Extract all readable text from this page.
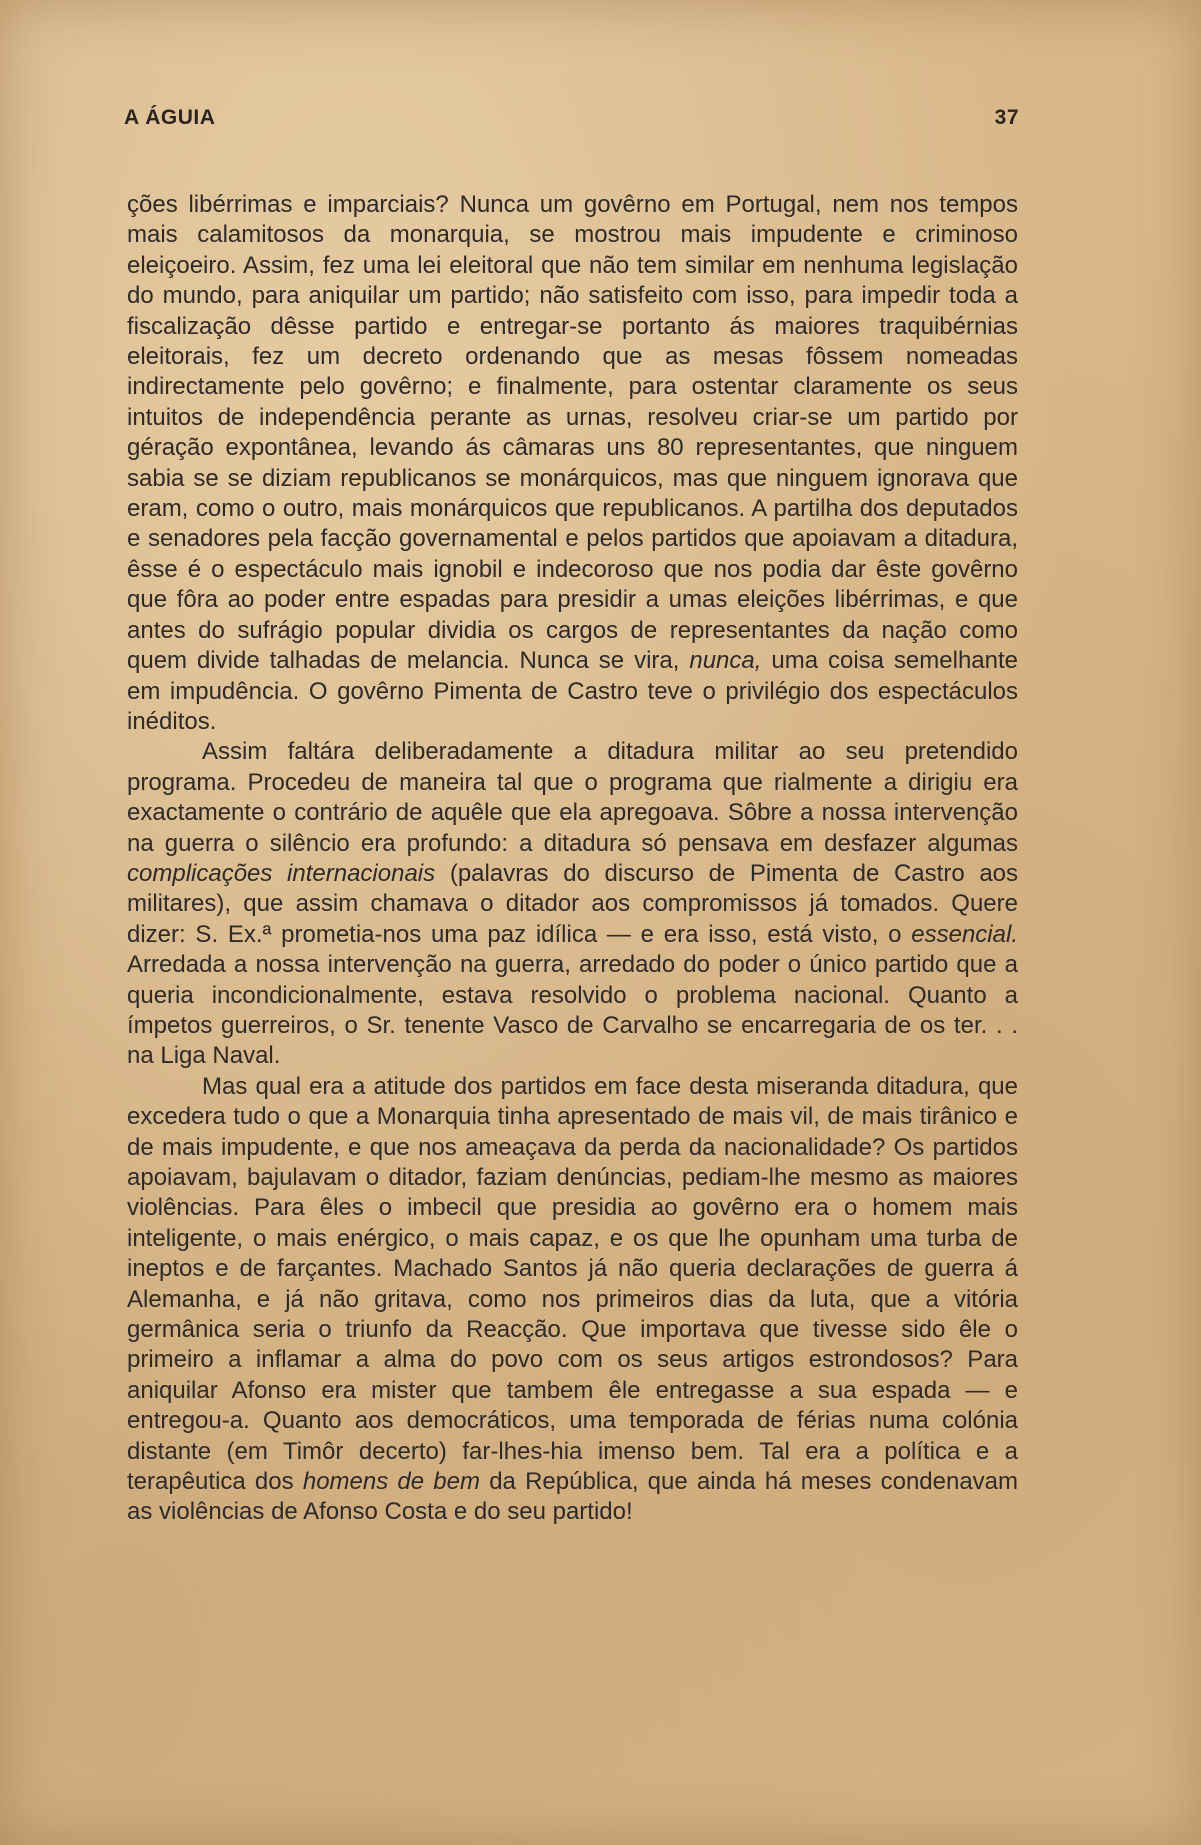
A ÁGUIA	37

ções libérrimas e imparciais? Nunca um govêrno em Portugal, nem nos tempos mais calamitosos da monarquia, se mostrou mais impudente e criminoso eleiçoeiro. Assim, fez uma lei eleitoral que não tem similar em nenhuma legislação do mundo, para aniquilar um partido; não satisfeito com isso, para impedir toda a fiscalização dêsse partido e entregar-se portanto ás maiores traquibérnias eleitorais, fez um decreto ordenando que as mesas fôssem nomeadas indirectamente pelo govêrno; e finalmente, para ostentar claramente os seus intuitos de independência perante as urnas, resolveu criar-se um partido por géração expontânea, levando ás câmaras uns 80 representantes, que ninguem sabia se se diziam republicanos se monárquicos, mas que ninguem ignorava que eram, como o outro, mais monárquicos que republicanos. A partilha dos deputados e senadores pela facção governamental e pelos partidos que apoiavam a ditadura, êsse é o espectáculo mais ignobil e indecoroso que nos podia dar êste govêrno que fôra ao poder entre espadas para presidir a umas eleições libérrimas, e que antes do sufrágio popular dividia os cargos de representantes da nação como quem divide talhadas de melancia. Nunca se vira, nunca, uma coisa semelhante em impudência. O govêrno Pimenta de Castro teve o privilégio dos espectáculos inéditos.

Assim faltára deliberadamente a ditadura militar ao seu pretendido programa. Procedeu de maneira tal que o programa que rialmente a dirigiu era exactamente o contrário de aquêle que ela apregoava. Sôbre a nossa intervenção na guerra o silêncio era profundo: a ditadura só pensava em desfazer algumas complicações internacionais (palavras do discurso de Pimenta de Castro aos militares), que assim chamava o ditador aos compromissos já tomados. Quere dizer: S. Ex.ª prometia-nos uma paz idílica — e era isso, está visto, o essencial. Arredada a nossa intervenção na guerra, arredado do poder o único partido que a queria incondicionalmente, estava resolvido o problema nacional. Quanto a ímpetos guerreiros, o Sr. tenente Vasco de Carvalho se encarregaria de os ter. . . na Liga Naval.

Mas qual era a atitude dos partidos em face desta miseranda ditadura, que excedera tudo o que a Monarquia tinha apresentado de mais vil, de mais tirânico e de mais impudente, e que nos ameaçava da perda da nacionalidade? Os partidos apoiavam, bajulavam o ditador, faziam denúncias, pediam-lhe mesmo as maiores violências. Para êles o imbecil que presidia ao govêrno era o homem mais inteligente, o mais enérgico, o mais capaz, e os que lhe opunham uma turba de ineptos e de farçantes. Machado Santos já não queria declarações de guerra á Alemanha, e já não gritava, como nos primeiros dias da luta, que a vitória germânica seria o triunfo da Reacção. Que importava que tivesse sido êle o primeiro a inflamar a alma do povo com os seus artigos estrondosos? Para aniquilar Afonso era mister que tambem êle entregasse a sua espada — e entregou-a. Quanto aos democráticos, uma temporada de férias numa colónia distante (em Timôr decerto) far-lhes-hia imenso bem. Tal era a política e a terapêutica dos homens de bem da República, que ainda há meses condenavam as violências de Afonso Costa e do seu partido!
